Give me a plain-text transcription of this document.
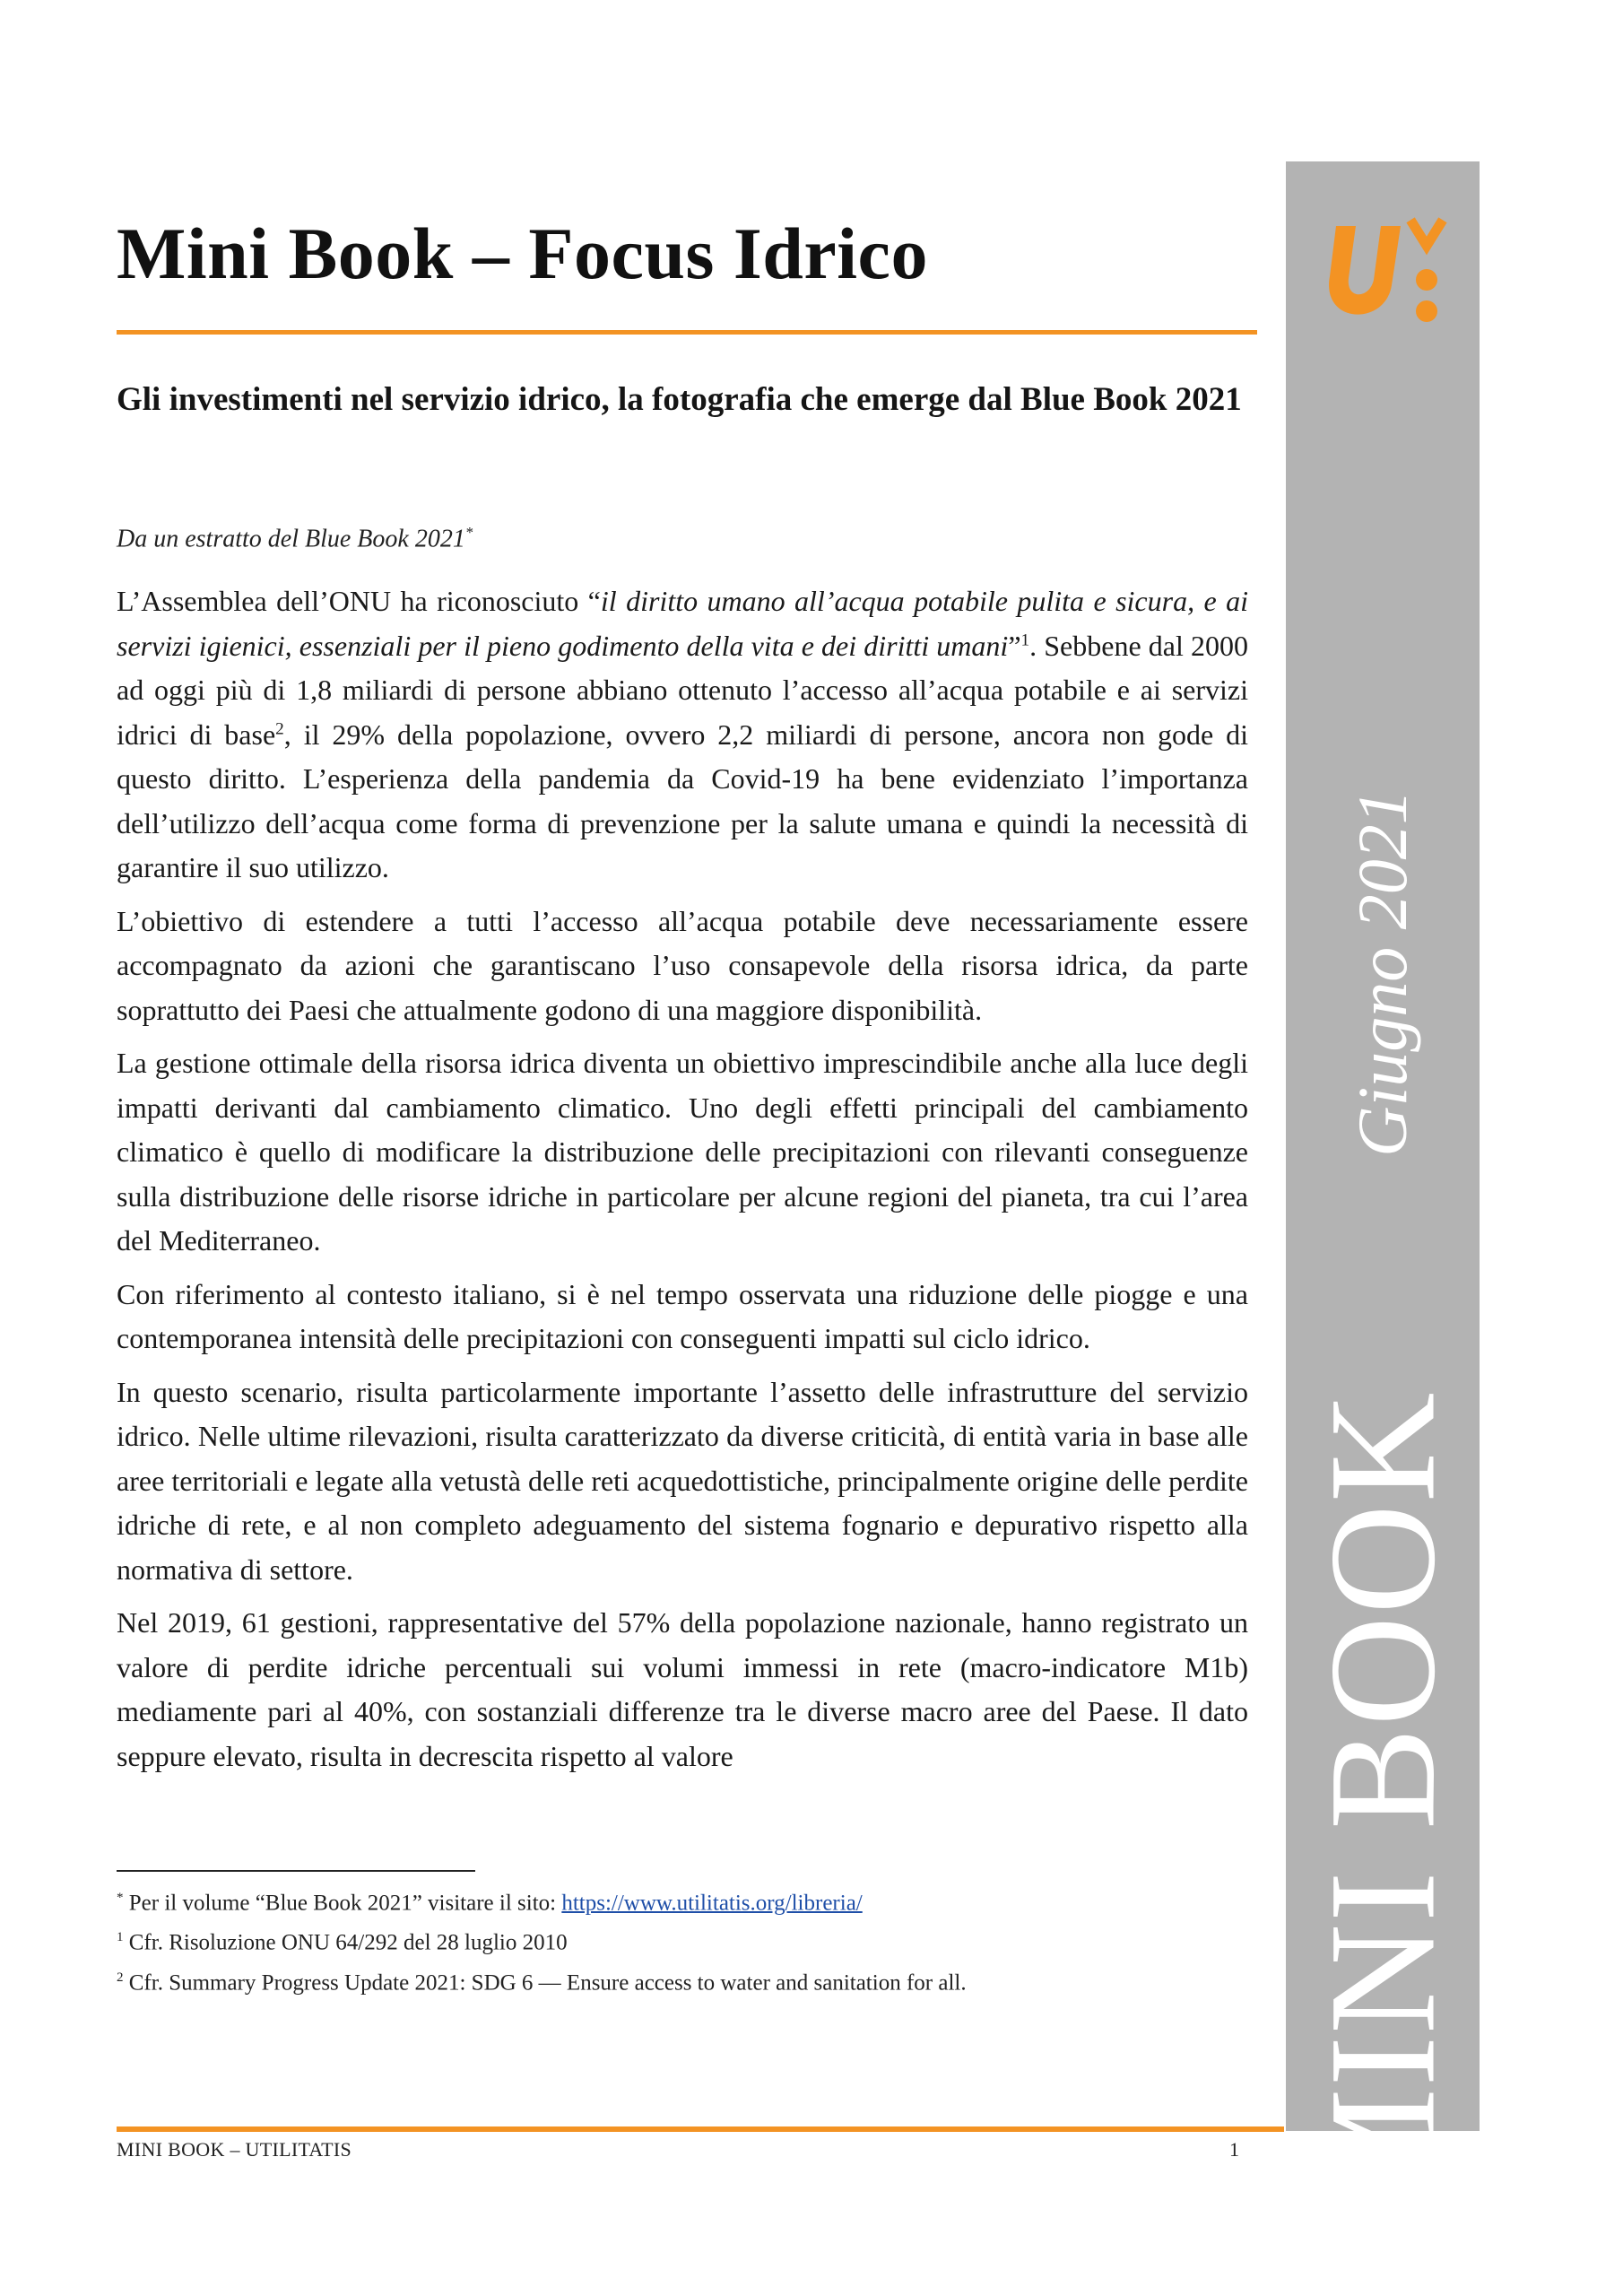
Mini Book – Focus Idrico
Gli investimenti nel servizio idrico, la fotografia che emerge dal Blue Book 2021
Da un estratto del Blue Book 2021*

L’Assemblea dell’ONU ha riconosciuto “il diritto umano all’acqua potabile pulita e sicura, e ai servizi igienici, essenziali per il pieno godimento della vita e dei diritti umani”$^1$. Sebbene dal 2000 ad oggi più di 1,8 miliardi di persone abbiano ottenuto l’accesso all’acqua potabile e ai servizi idrici di base$^2$, il 29% della popolazione, ovvero 2,2 miliardi di persone, ancora non gode di questo diritto. L’esperienza della pandemia da Covid-19 ha bene evidenziato l’importanza dell’utilizzo dell’acqua come forma di prevenzione per la salute umana e quindi la necessità di garantire il suo utilizzo.

L’obiettivo di estendere a tutti l’accesso all’acqua potabile deve necessariamente essere accompagnato da azioni che garantiscano l’uso consapevole della risorsa idrica, da parte soprattutto dei Paesi che attualmente godono di una maggiore disponibilità.

La gestione ottimale della risorsa idrica diventa un obiettivo imprescindibile anche alla luce degli impatti derivanti dal cambiamento climatico. Uno degli effetti principali del cambiamento climatico è quello di modificare la distribuzione delle precipitazioni con rilevanti conseguenze sulla distribuzione delle risorse idriche in particolare per alcune regioni del pianeta, tra cui l’area del Mediterraneo.

Con riferimento al contesto italiano, si è nel tempo osservata una riduzione delle piogge e una contemporanea intensità delle precipitazioni con conseguenti impatti sul ciclo idrico.

In questo scenario, risulta particolarmente importante l’assetto delle infrastrutture del servizio idrico. Nelle ultime rilevazioni, risulta caratterizzato da diverse criticità, di entità varia in base alle aree territoriali e legate alla vetustà delle reti acquedottistiche, principalmente origine delle perdite idriche di rete, e al non completo adeguamento del sistema fognario e depurativo rispetto alla normativa di settore.

Nel 2019, 61 gestioni, rappresentative del 57% della popolazione nazionale, hanno registrato un valore di perdite idriche percentuali sui volumi immessi in rete (macro-indicatore M1b) mediamente pari al 40%, con sostanziali differenze tra le diverse macro aree del Paese. Il dato seppure elevato, risulta in decrescita rispetto al valore

* Per il volume “Blue Book 2021” visitare il sito: https://www.utilitatis.org/libreria/
$^1$ Cfr. Risoluzione ONU 64/292 del 28 luglio 2010
$^2$ Cfr. Summary Progress Update 2021: SDG 6 — Ensure access to water and sanitation for all.
MINI BOOK – UTILITATIS	1
Giugno 2021
MINI BOOK
